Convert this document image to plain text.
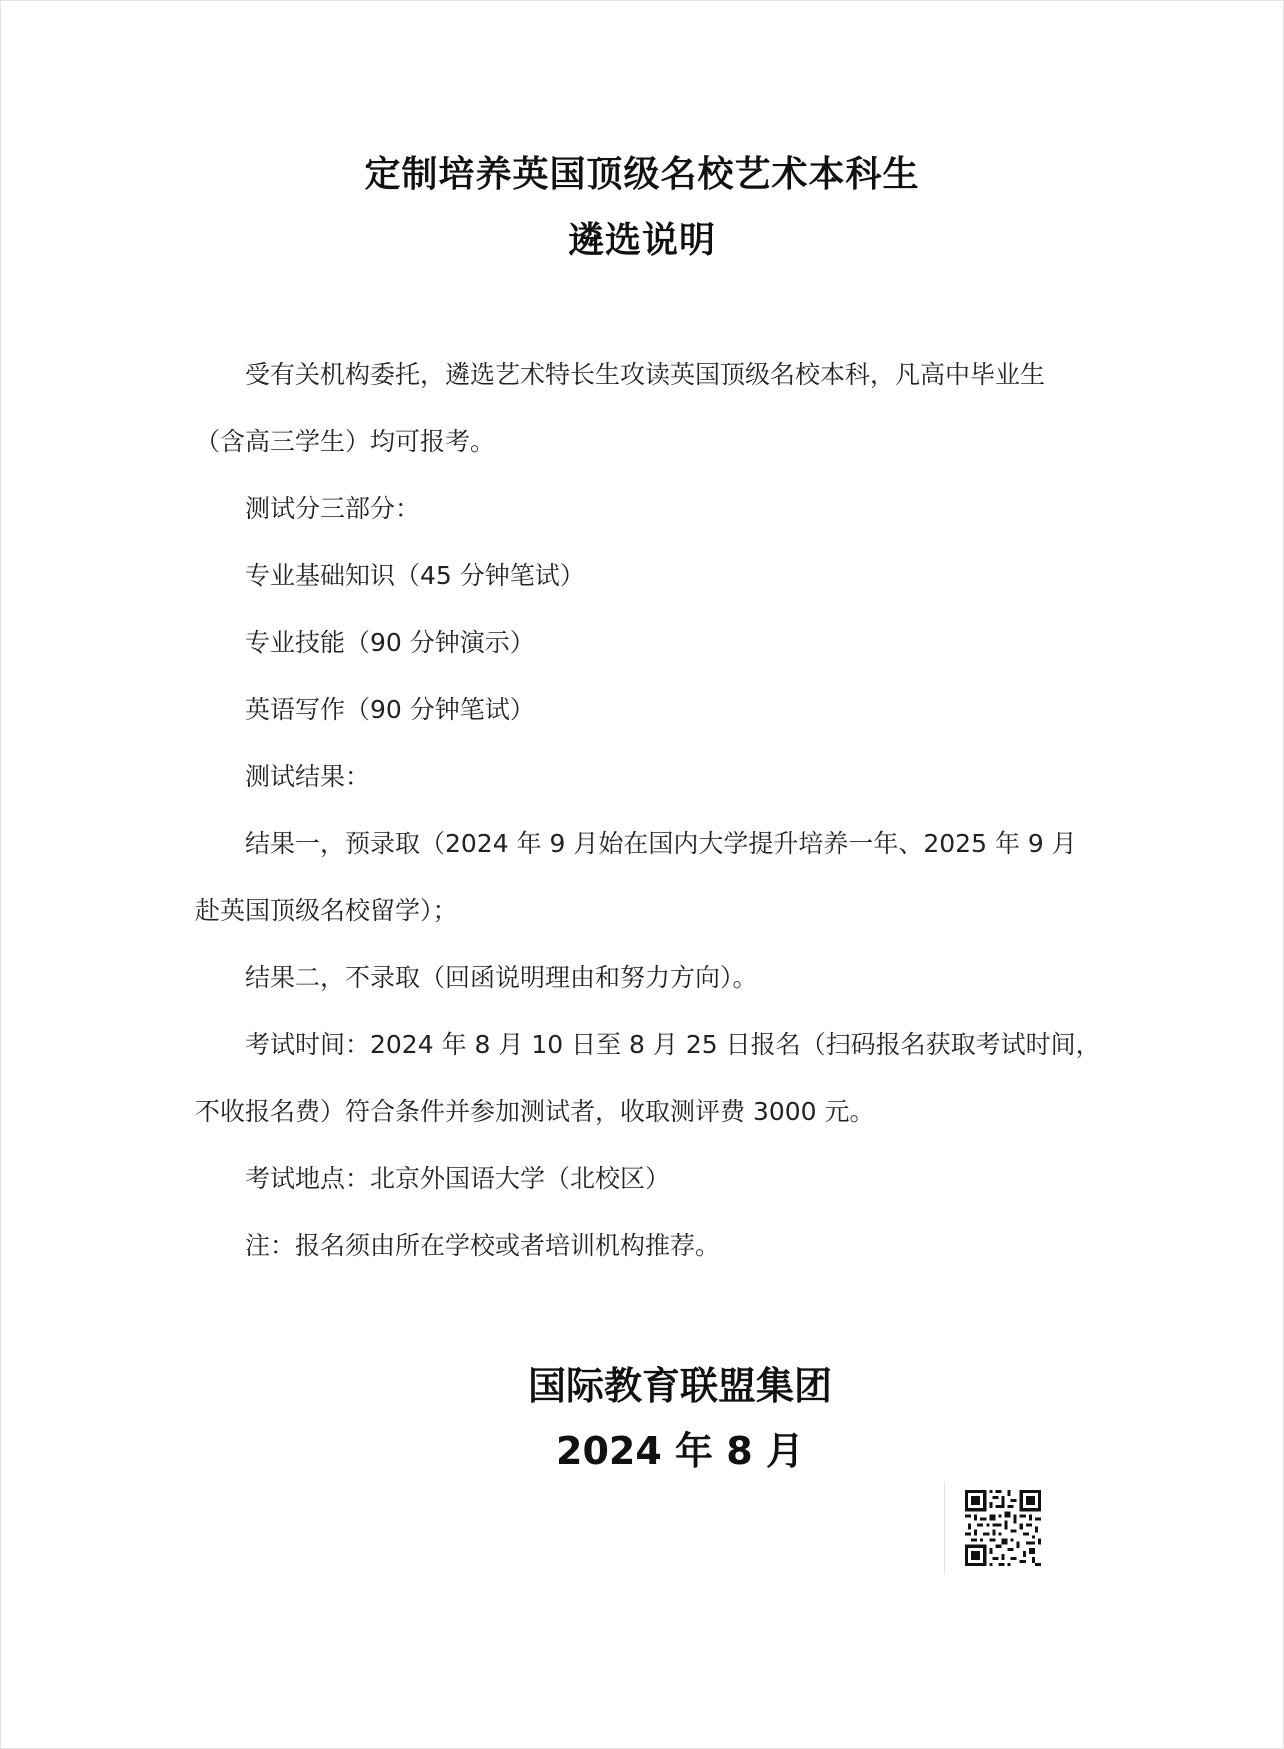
定制培养英国顶级名校艺术本科生
遴选说明
受有关机构委托，遴选艺术特长生攻读英国顶级名校本科，凡高中毕业生
（含高三学生）均可报考。
测试分三部分：
专业基础知识（45 分钟笔试）
专业技能（90 分钟演示）
英语写作（90 分钟笔试）
测试结果：
结果一，预录取（2024 年 9 月始在国内大学提升培养一年、2025 年 9 月
赴英国顶级名校留学）；
结果二，不录取（回函说明理由和努力方向）。
考试时间：2024 年 8 月 10 日至 8 月 25 日报名（扫码报名获取考试时间，
不收报名费）符合条件并参加测试者，收取测评费 3000 元。
考试地点：北京外国语大学（北校区）
注：报名须由所在学校或者培训机构推荐。
国际教育联盟集团
2024 年 8 月
